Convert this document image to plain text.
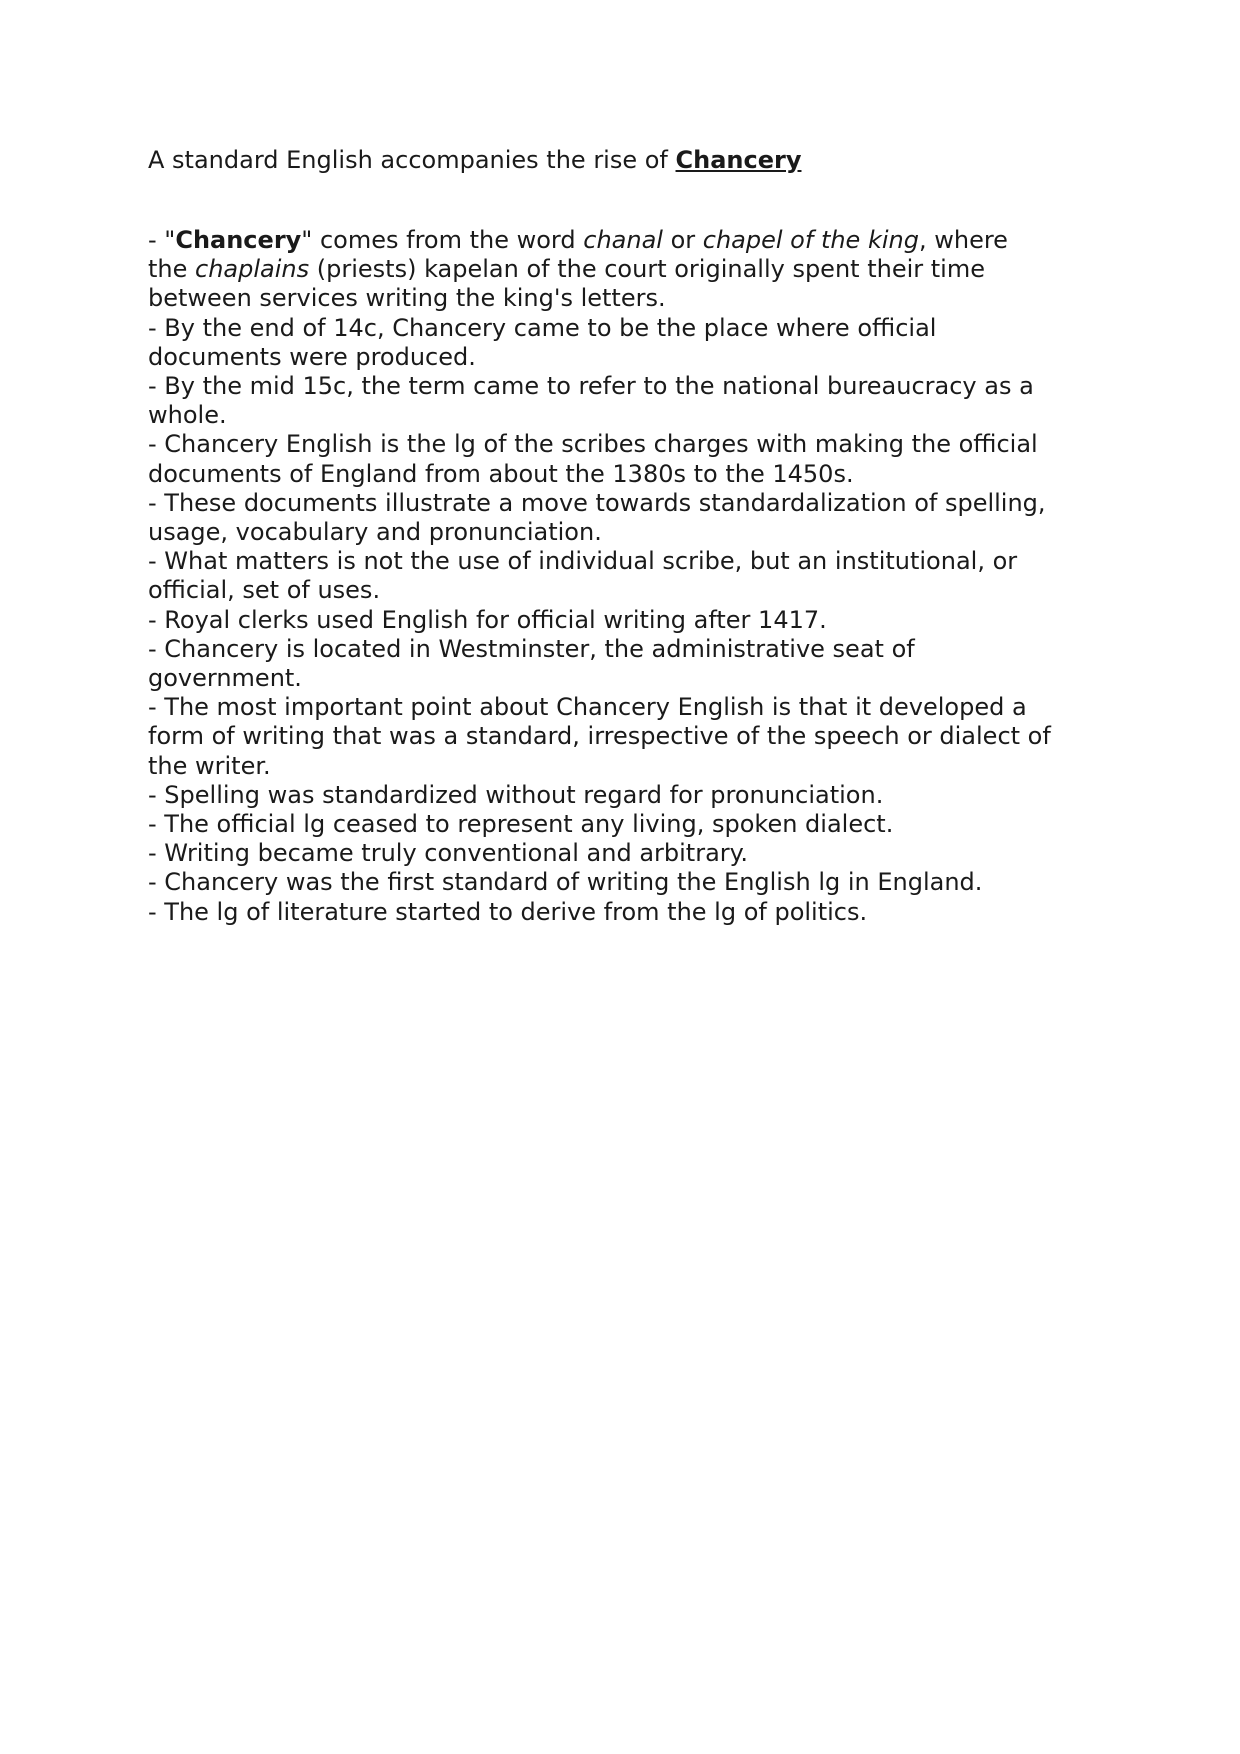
A standard English accompanies the rise of Chancery
- "Chancery" comes from the word chanal or chapel of the king, where
the chaplains (priests) kapelan of the court originally spent their time
between services writing the king's letters.
- By the end of 14c, Chancery came to be the place where official
documents were produced.
- By the mid 15c, the term came to refer to the national bureaucracy as a
whole.
- Chancery English is the lg of the scribes charges with making the official
documents of England from about the 1380s to the 1450s.
- These documents illustrate a move towards standardalization of spelling,
usage, vocabulary and pronunciation.
- What matters is not the use of individual scribe, but an institutional, or
official, set of uses.
- Royal clerks used English for official writing after 1417.
- Chancery is located in Westminster, the administrative seat of
government.
- The most important point about Chancery English is that it developed a
form of writing that was a standard, irrespective of the speech or dialect of
the writer.
- Spelling was standardized without regard for pronunciation.
- The official lg ceased to represent any living, spoken dialect.
- Writing became truly conventional and arbitrary.
- Chancery was the first standard of writing the English lg in England.
- The lg of literature started to derive from the lg of politics.
